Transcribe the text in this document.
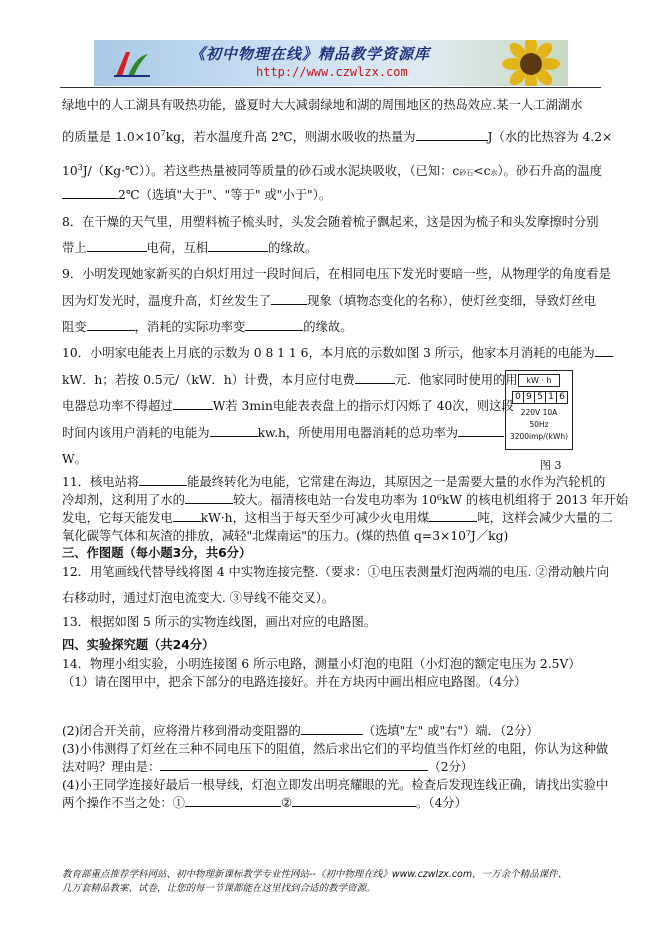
《初中物理在线》精品教学资源库
http://www.czwlzx.com
绿地中的人工湖具有吸热功能，盛夏时大大减弱绿地和湖的周围地区的热岛效应.某一人工湖湖水
的质量是 $1.0\times 10^7kg$，若水温度升高 2℃，则湖水吸收的热量为	J（水的比热容为 4.2×
$10^3J/(Kg\cdot℃)$）。若这些热量被同等质量的砂石或水泥块吸收，（已知：c砂石<c水）。砂石升高的温度
2℃（选填"大于"、"等于" 或"小于"）。
8．在干燥的天气里，用塑料梳子梳头时，头发会随着梳子飘起来，这是因为梳子和头发摩擦时分别
带上	电荷，互相	的缘故。
9．小明发现她家新买的白炽灯用过一段时间后，在相同电压下发光时要暗一些，从物理学的角度看是
因为灯发光时，温度升高，灯丝发生了	现象（填物态变化的名称），使灯丝变细，导致灯丝电
阻变	，消耗的实际功率变	的缘故。
10．小明家电能表上月底的示数为 0 8 1 1 6，本月底的示数如图 3 所示，他家本月消耗的电能为
kW．h；若按 0.5元/（kW．h）计费，本月应付电费	元．他家同时使用的用
电器总功率不得超过	W若 3min电能表表盘上的指示灯闪烁了 40次，则这段
时间内该用户消耗的电能为	kw.h，所使用用电器消耗的总功率为
W。
kW · h
0 9 5 1 6
220V 10A
50Hz
3200imp/(kWh)
图 3
11．核电站将	能最终转化为电能，它常建在海边，其原因之一是需要大量的水作为汽轮机的
冷却剂，这利用了水的	较大。福清核电站一台发电功率为 10⁶kW 的核电机组将于 2013 年开始
发电，它每天能发电 kW·h，这相当于每天至少可减少火电用煤	吨，这样会减少大量的二
氧化碳等气体和灰渣的排放，减轻"北煤南运"的压力。(煤的热值 q=3×10⁷J／kg)
三、作图题（每小题3分，共6分）
12．用笔画线代替导线将图 4 中实物连接完整.（要求：①电压表测量灯泡两端的电压. ②滑动触片向
右移动时，通过灯泡电流变大. ③导线不能交叉）。
13．根据如图 5 所示的实物连线图，画出对应的电路图。
四、实验探究题（共24分）
14．物理小组实验，小明连接图 6 所示电路，测量小灯泡的电阻（小灯泡的额定电压为 2.5V）
（1）请在图甲中，把余下部分的电路连接好。并在方块丙中画出相应电路图。（4分）
(2)闭合开关前，应将滑片移到滑动变阻器的	（选填"左" 或"右"）端．（2分）
(3)小伟测得了灯丝在三种不同电压下的阻值，然后求出它们的平均值当作灯丝的电阻，你认为这种做
法对吗？理由是：	（2分）
(4)小王同学连接好最后一根导线，灯泡立即发出明亮耀眼的光。检查后发现连线正确，请找出实验中
两个操作不当之处：①	②	。（4分）
教育部重点推荐学科网站、初中物理新课标教学专业性网站--《初中物理在线》www.czwlzx.com，一万余个精品课件、
几万套精品教案、试卷，让您的每一节课都能在这里找到合适的教学资源。
